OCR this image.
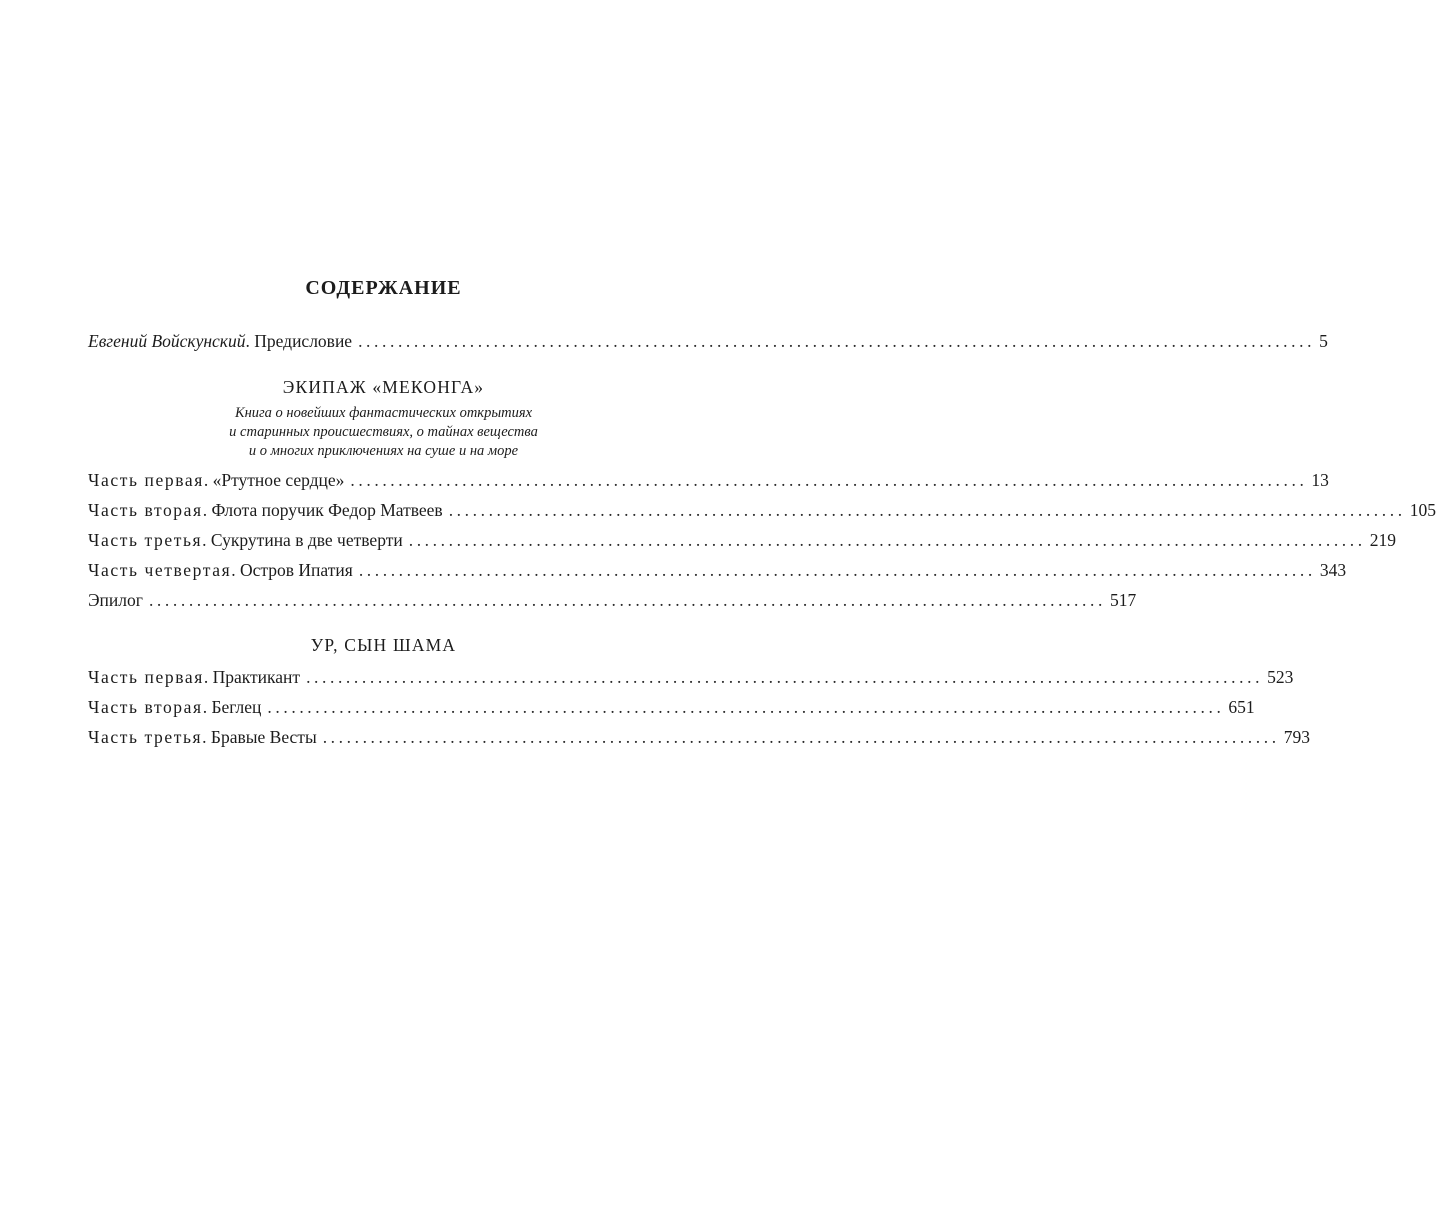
СОДЕРЖАНИЕ
Евгений Войскунский. Предисловие ........................................................................................................................ 5
ЭКИПАЖ «МЕКОНГА»
Книга о новейших фантастических открытиях
и старинных происшествиях, о тайнах вещества
и о многих приключениях на суше и на море
Часть первая. «Ртутное сердце» ........................................................................................................................ 13
Часть вторая. Флота поручик Федор Матвеев ........................................................................................................................ 105
Часть третья. Сукрутина в две четверти ........................................................................................................................ 219
Часть четвертая. Остров Ипатия ........................................................................................................................ 343
Эпилог ........................................................................................................................ 517
УР, СЫН ШАМА
Часть первая. Практикант ........................................................................................................................ 523
Часть вторая. Беглец ........................................................................................................................ 651
Часть третья. Бравые Весты ........................................................................................................................ 793
